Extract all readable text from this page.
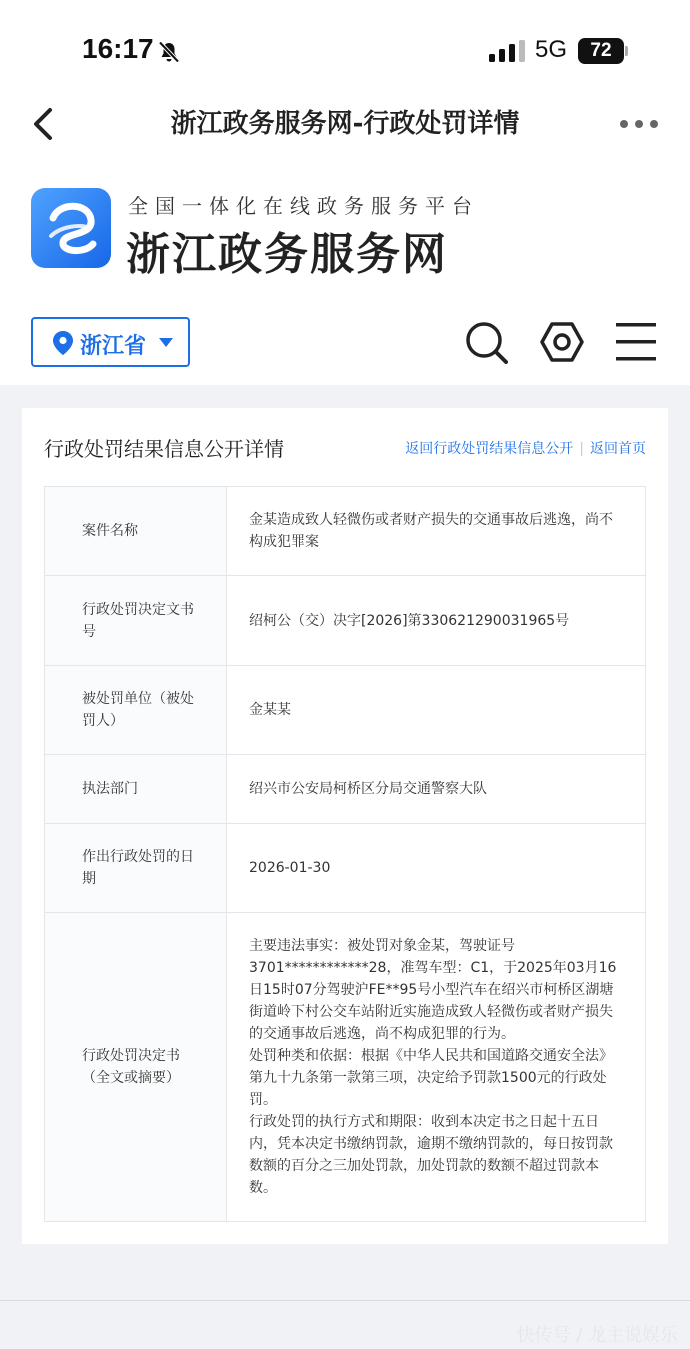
16:17	5G	72
浙江政务服务网-行政处罚详情
全国一体化在线政务服务平台
浙江政务服务网
浙江省
行政处罚结果信息公开详情	返回行政处罚结果信息公开 | 返回首页
案件名称	金某造成致人轻微伤或者财产损失的交通事故后逃逸，尚不构成犯罪案
行政处罚决定文书号	绍柯公（交）决字[2026]第330621290031965号
被处罚单位（被处罚人）	金某某
执法部门	绍兴市公安局柯桥区分局交通警察大队
作出行政处罚的日期	2026-01-30
行政处罚决定书（全文或摘要）	主要违法事实：被处罚对象金某，驾驶证号3701************28，准驾车型：C1，于2025年03月16日15时07分驾驶沪FE**95号小型汽车在绍兴市柯桥区湖塘街道岭下村公交车站附近实施造成致人轻微伤或者财产损失的交通事故后逃逸，尚不构成犯罪的行为。

处罚种类和依据：根据《中华人民共和国道路交通安全法》第九十九条第一款第三项，决定给予罚款1500元的行政处罚。

行政处罚的执行方式和期限：收到本决定书之日起十五日内，凭本决定书缴纳罚款，逾期不缴纳罚款的，每日按罚款数额的百分之三加处罚款，加处罚款的数额不超过罚款本数。

快传号 / 龙主说娱乐
